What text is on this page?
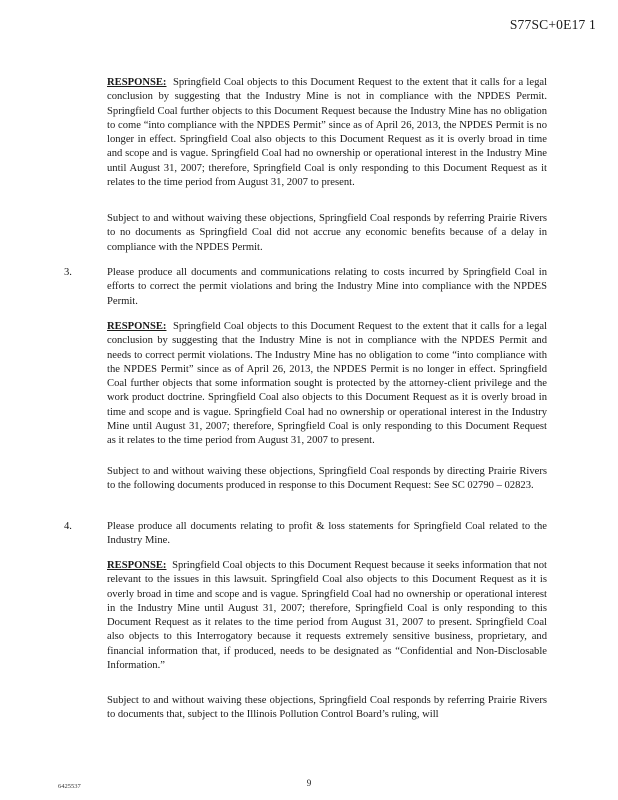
S77SC+0E17 1

RESPONSE: Springfield Coal objects to this Document Request to the extent that it calls for a legal conclusion by suggesting that the Industry Mine is not in compliance with the NPDES Permit. Springfield Coal further objects to this Document Request because the Industry Mine has no obligation to come “into compliance with the NPDES Permit” since as of April 26, 2013, the NPDES Permit is no longer in effect. Springfield Coal also objects to this Document Request as it is overly broad in time and scope and is vague. Springfield Coal had no ownership or operational interest in the Industry Mine until August 31, 2007; therefore, Springfield Coal is only responding to this Document Request as it relates to the time period from August 31, 2007 to present.

Subject to and without waiving these objections, Springfield Coal responds by referring Prairie Rivers to no documents as Springfield Coal did not accrue any economic benefits because of a delay in compliance with the NPDES Permit.

3.	Please produce all documents and communications relating to costs incurred by Springfield Coal in efforts to correct the permit violations and bring the Industry Mine into compliance with the NPDES Permit.

RESPONSE: Springfield Coal objects to this Document Request to the extent that it calls for a legal conclusion by suggesting that the Industry Mine is not in compliance with the NPDES Permit and needs to correct permit violations. The Industry Mine has no obligation to come “into compliance with the NPDES Permit” since as of April 26, 2013, the NPDES Permit is no longer in effect. Springfield Coal further objects that some information sought is protected by the attorney-client privilege and the work product doctrine. Springfield Coal also objects to this Document Request as it is overly broad in time and scope and is vague. Springfield Coal had no ownership or operational interest in the Industry Mine until August 31, 2007; therefore, Springfield Coal is only responding to this Document Request as it relates to the time period from August 31, 2007 to present.

Subject to and without waiving these objections, Springfield Coal responds by directing Prairie Rivers to the following documents produced in response to this Document Request: See SC 02790 – 02823.

4.	Please produce all documents relating to profit & loss statements for Springfield Coal related to the Industry Mine.

RESPONSE: Springfield Coal objects to this Document Request because it seeks information that not relevant to the issues in this lawsuit. Springfield Coal also objects to this Document Request as it is overly broad in time and scope and is vague. Springfield Coal had no ownership or operational interest in the Industry Mine until August 31, 2007; therefore, Springfield Coal is only responding to this Document Request as it relates to the time period from August 31, 2007 to present. Springfield Coal also objects to this Interrogatory because it requests extremely sensitive business, proprietary, and financial information that, if produced, needs to be designated as “Confidential and Non-Disclosable Information.”

Subject to and without waiving these objections, Springfield Coal responds by referring Prairie Rivers to documents that, subject to the Illinois Pollution Control Board’s ruling, will

9
6425537
